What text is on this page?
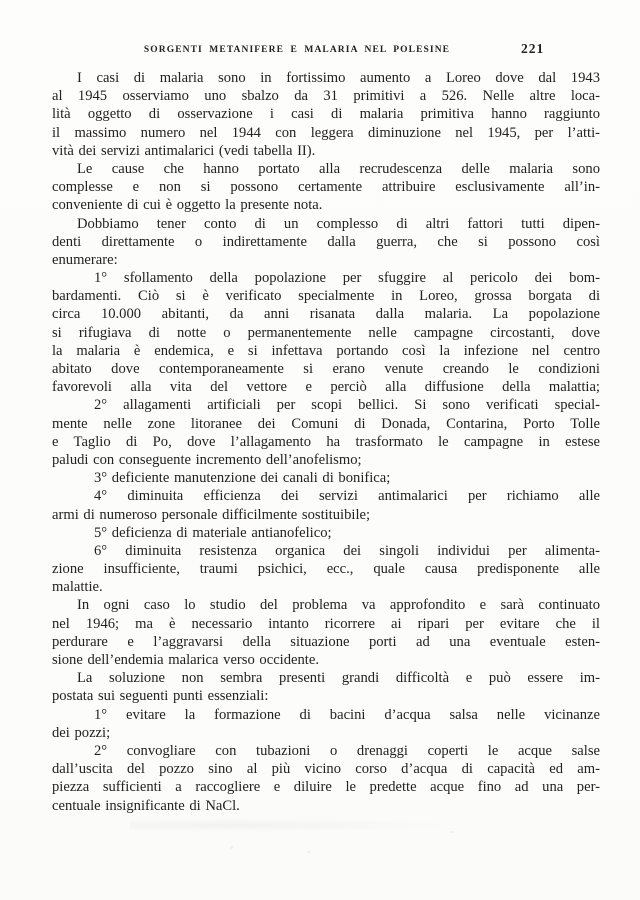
SORGENTI METANIFERE E MALARIA NEL POLESINE	221
I casi di malaria sono in fortissimo aumento a Loreo dove dal 1943
al 1945 osserviamo uno sbalzo da 31 primitivi a 526. Nelle altre loca-
lità oggetto di osservazione i casi di malaria primitiva hanno raggiunto
il massimo numero nel 1944 con leggera diminuzione nel 1945, per l’atti-
vità dei servizi antimalarici (vedi tabella II).
Le cause che hanno portato alla recrudescenza delle malaria sono
complesse e non si possono certamente attribuire esclusivamente all’in-
conveniente di cui è oggetto la presente nota.
Dobbiamo tener conto di un complesso di altri fattori tutti dipen-
denti direttamente o indirettamente dalla guerra, che si possono così
enumerare:
1° sfollamento della popolazione per sfuggire al pericolo dei bom-
bardamenti. Ciò si è verificato specialmente in Loreo, grossa borgata di
circa 10.000 abitanti, da anni risanata dalla malaria. La popolazione
si rifugiava di notte o permanentemente nelle campagne circostanti, dove
la malaria è endemica, e si infettava portando così la infezione nel centro
abitato dove contemporaneamente si erano venute creando le condizioni
favorevoli alla vita del vettore e perciò alla diffusione della malattia;
2° allagamenti artificiali per scopi bellici. Si sono verificati special-
mente nelle zone litoranee dei Comuni di Donada, Contarina, Porto Tolle
e Taglio di Po, dove l’allagamento ha trasformato le campagne in estese
paludi con conseguente incremento dell’anofelismo;
3° deficiente manutenzione dei canali di bonifica;
4° diminuita efficienza dei servizi antimalarici per richiamo alle
armi di numeroso personale difficilmente sostituibile;
5° deficienza di materiale antianofelico;
6° diminuita resistenza organica dei singoli individui per alimenta-
zione insufficiente, traumi psichici, ecc., quale causa predisponente alle
malattie.
In ogni caso lo studio del problema va approfondito e sarà continuato
nel 1946; ma è necessario intanto ricorrere ai ripari per evitare che il
perdurare e l’aggravarsi della situazione porti ad una eventuale esten-
sione dell’endemia malarica verso occidente.
La soluzione non sembra presenti grandi difficoltà e può essere im-
postata sui seguenti punti essenziali:
1° evitare la formazione di bacini d’acqua salsa nelle vicinanze
dei pozzi;
2° convogliare con tubazioni o drenaggi coperti le acque salse
dall’uscita del pozzo sino al più vicino corso d’acqua di capacità ed am-
piezza sufficienti a raccogliere e diluire le predette acque fino ad una per-
centuale insignificante di NaCl.
